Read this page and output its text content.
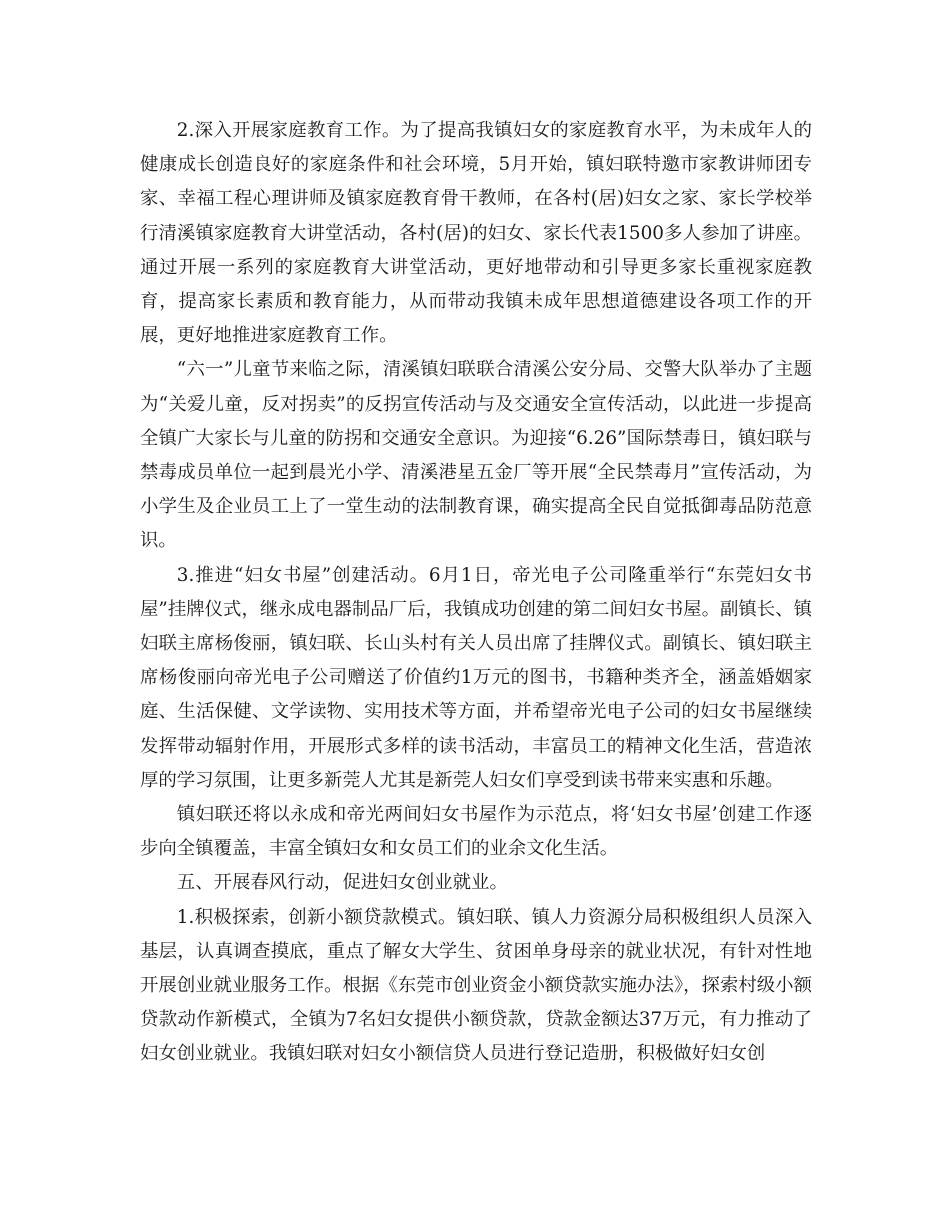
2.深入开展家庭教育工作。为了提高我镇妇女的家庭教育水平，为未成年人的健康成长创造良好的家庭条件和社会环境，5月开始，镇妇联特邀市家教讲师团专家、幸福工程心理讲师及镇家庭教育骨干教师，在各村(居)妇女之家、家长学校举行清溪镇家庭教育大讲堂活动，各村(居)的妇女、家长代表1500多人参加了讲座。通过开展一系列的家庭教育大讲堂活动，更好地带动和引导更多家长重视家庭教育，提高家长素质和教育能力，从而带动我镇未成年思想道德建设各项工作的开展，更好地推进家庭教育工作。

“六一”儿童节来临之际，清溪镇妇联联合清溪公安分局、交警大队举办了主题为“关爱儿童，反对拐卖”的反拐宣传活动与及交通安全宣传活动，以此进一步提高全镇广大家长与儿童的防拐和交通安全意识。为迎接“6.26”国际禁毒日，镇妇联与禁毒成员单位一起到晨光小学、清溪港星五金厂等开展“全民禁毒月”宣传活动，为小学生及企业员工上了一堂生动的法制教育课，确实提高全民自觉抵御毒品防范意识。

3.推进“妇女书屋”创建活动。6月1日，帝光电子公司隆重举行“东莞妇女书屋”挂牌仪式，继永成电器制品厂后，我镇成功创建的第二间妇女书屋。副镇长、镇妇联主席杨俊丽，镇妇联、长山头村有关人员出席了挂牌仪式。副镇长、镇妇联主席杨俊丽向帝光电子公司赠送了价值约1万元的图书，书籍种类齐全，涵盖婚姻家庭、生活保健、文学读物、实用技术等方面，并希望帝光电子公司的妇女书屋继续发挥带动辐射作用，开展形式多样的读书活动，丰富员工的精神文化生活，营造浓厚的学习氛围，让更多新莞人尤其是新莞人妇女们享受到读书带来实惠和乐趣。

镇妇联还将以永成和帝光两间妇女书屋作为示范点，将‘妇女书屋’创建工作逐步向全镇覆盖，丰富全镇妇女和女员工们的业余文化生活。

五、开展春风行动，促进妇女创业就业。

1.积极探索，创新小额贷款模式。镇妇联、镇人力资源分局积极组织人员深入基层，认真调查摸底，重点了解女大学生、贫困单身母亲的就业状况，有针对性地开展创业就业服务工作。根据《东莞市创业资金小额贷款实施办法》，探索村级小额贷款动作新模式，全镇为7名妇女提供小额贷款，贷款金额达37万元，有力推动了妇女创业就业。我镇妇联对妇女小额信贷人员进行登记造册，积极做好妇女创
